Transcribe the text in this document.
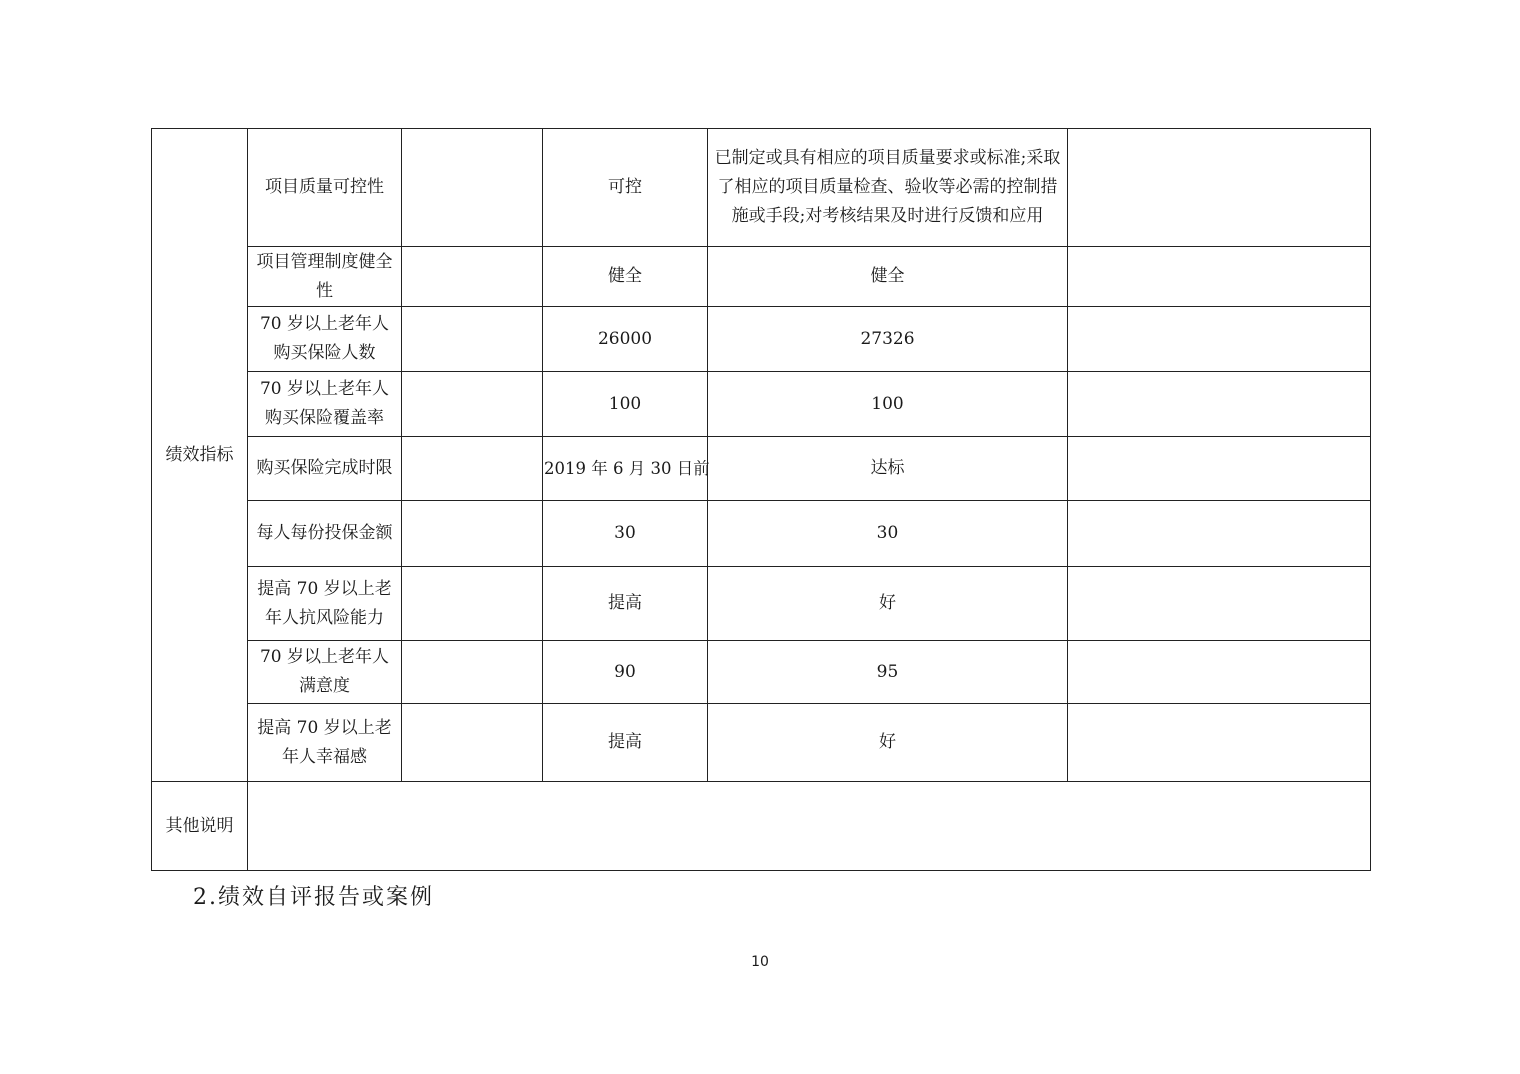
绩效指标	项目质量可控性		可控	已制定或具有相应的项目质量要求或标准;采取了相应的项目质量检查、验收等必需的控制措施或手段;对考核结果及时进行反馈和应用	
	项目管理制度健全性		健全	健全	
	70 岁以上老年人购买保险人数		26000	27326	
	70 岁以上老年人购买保险覆盖率		100	100	
	购买保险完成时限		2019 年 6 月 30 日前	达标	
	每人每份投保金额		30	30	
	提高 70 岁以上老年人抗风险能力		提高	好	
	70 岁以上老年人满意度		90	95	
	提高 70 岁以上老年人幸福感		提高	好	
其他说明					
2.绩效自评报告或案例
10
